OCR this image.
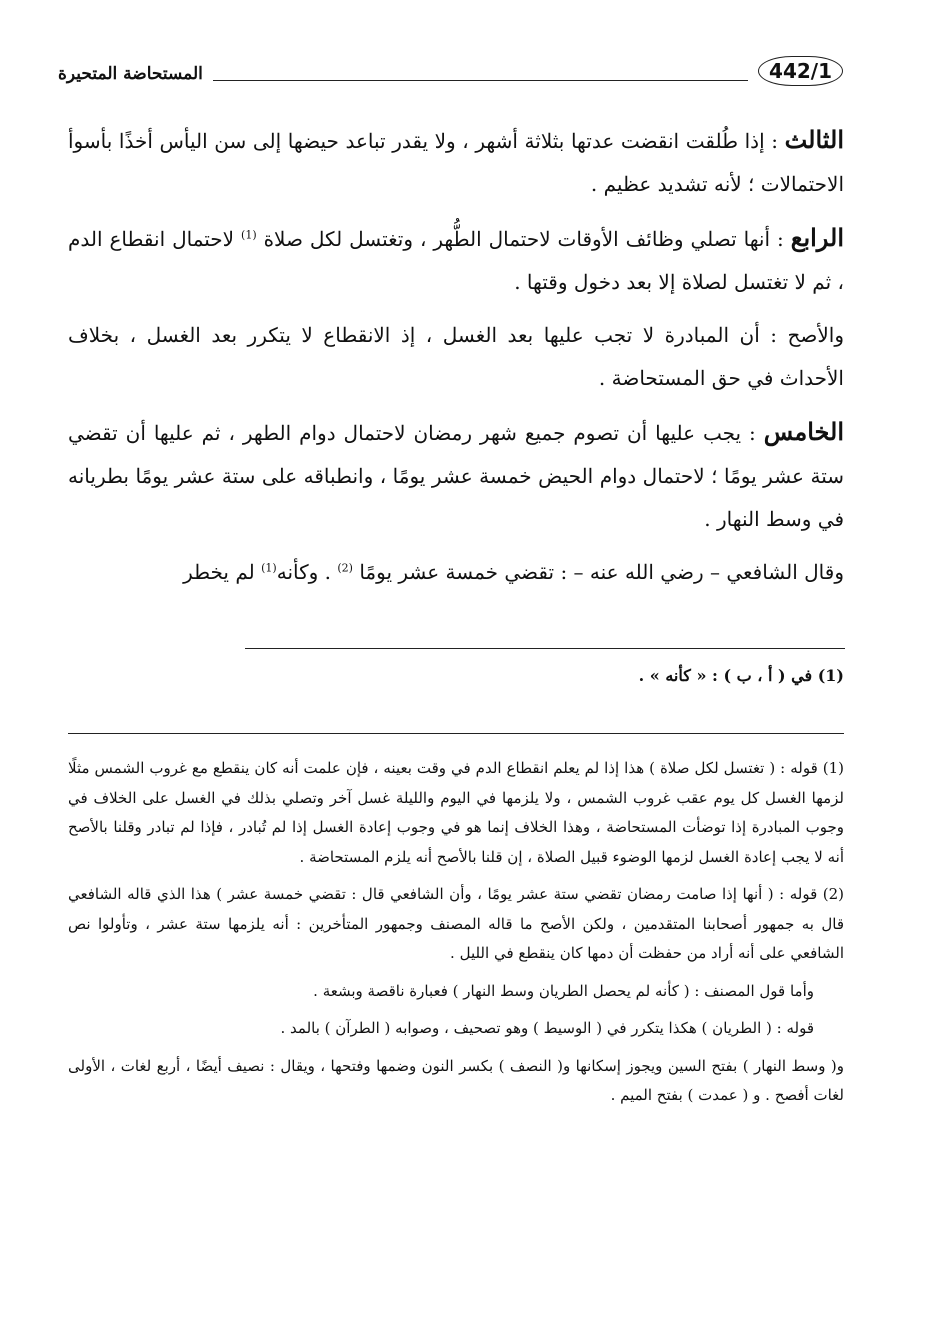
المستحاضة المتحيرة	442/1

الثالث : إذا طُلقت انقضت عدتها بثلاثة أشهر ، ولا يقدر تباعد حيضها إلى سن اليأس أخذًا بأسوأ الاحتمالات ؛ لأنه تشديد عظيم .

الرابع : أنها تصلي وظائف الأوقات لاحتمال الطُّهر ، وتغتسل لكل صلاة $^{(1)}$ لاحتمال انقطاع الدم ، ثم لا تغتسل لصلاة إلا بعد دخول وقتها .

والأصح : أن المبادرة لا تجب عليها بعد الغسل ، إذ الانقطاع لا يتكرر بعد الغسل ، بخلاف الأحداث في حق المستحاضة .

الخامس : يجب عليها أن تصوم جميع شهر رمضان لاحتمال دوام الطهر ، ثم عليها أن تقضي ستة عشر يومًا ؛ لاحتمال دوام الحيض خمسة عشر يومًا ، وانطباقه على ستة عشر يومًا بطريانه في وسط النهار .

وقال الشافعي – رضي الله عنه – : تقضي خمسة عشر يومًا $^{(2)}$ . وكأنه$^{(1)}$ لم يخطر

(1) في ( أ ، ب ) : « كأنه » .

(1) قوله : ( تغتسل لكل صلاة ) هذا إذا لم يعلم انقطاع الدم في وقت بعينه ، فإن علمت أنه كان ينقطع مع غروب الشمس مثلًا لزمها الغسل كل يوم عقب غروب الشمس ، ولا يلزمها في اليوم والليلة غسل آخر وتصلي بذلك في الغسل على الخلاف في وجوب المبادرة إذا توضأت المستحاضة ، وهذا الخلاف إنما هو في وجوب إعادة الغسل إذا لم تُبادر ، فإذا لم تبادر وقلنا بالأصح أنه لا يجب إعادة الغسل لزمها الوضوء قبيل الصلاة ، إن قلنا بالأصح أنه يلزم المستحاضة .

(2) قوله : ( أنها إذا صامت رمضان تقضي ستة عشر يومًا ، وأن الشافعي قال : تقضي خمسة عشر ) هذا الذي قاله الشافعي قال به جمهور أصحابنا المتقدمين ، ولكن الأصح ما قاله المصنف وجمهور المتأخرين : أنه يلزمها ستة عشر ، وتأولوا نص الشافعي على أنه أراد من حفظت أن دمها كان ينقطع في الليل .

وأما قول المصنف : ( كأنه لم يحصل الطريان وسط النهار ) فعبارة ناقصة وبشعة .

قوله : ( الطريان ) هكذا يتكرر في ( الوسيط ) وهو تصحيف ، وصوابه ( الطرآن ) بالمد .

و( وسط النهار ) بفتح السين ويجوز إسكانها و( النصف ) بكسر النون وضمها وفتحها ، ويقال : نصيف أيضًا ، أربع لغات ، الأولى لغات أفصح . و ( عمدت ) بفتح الميم .
